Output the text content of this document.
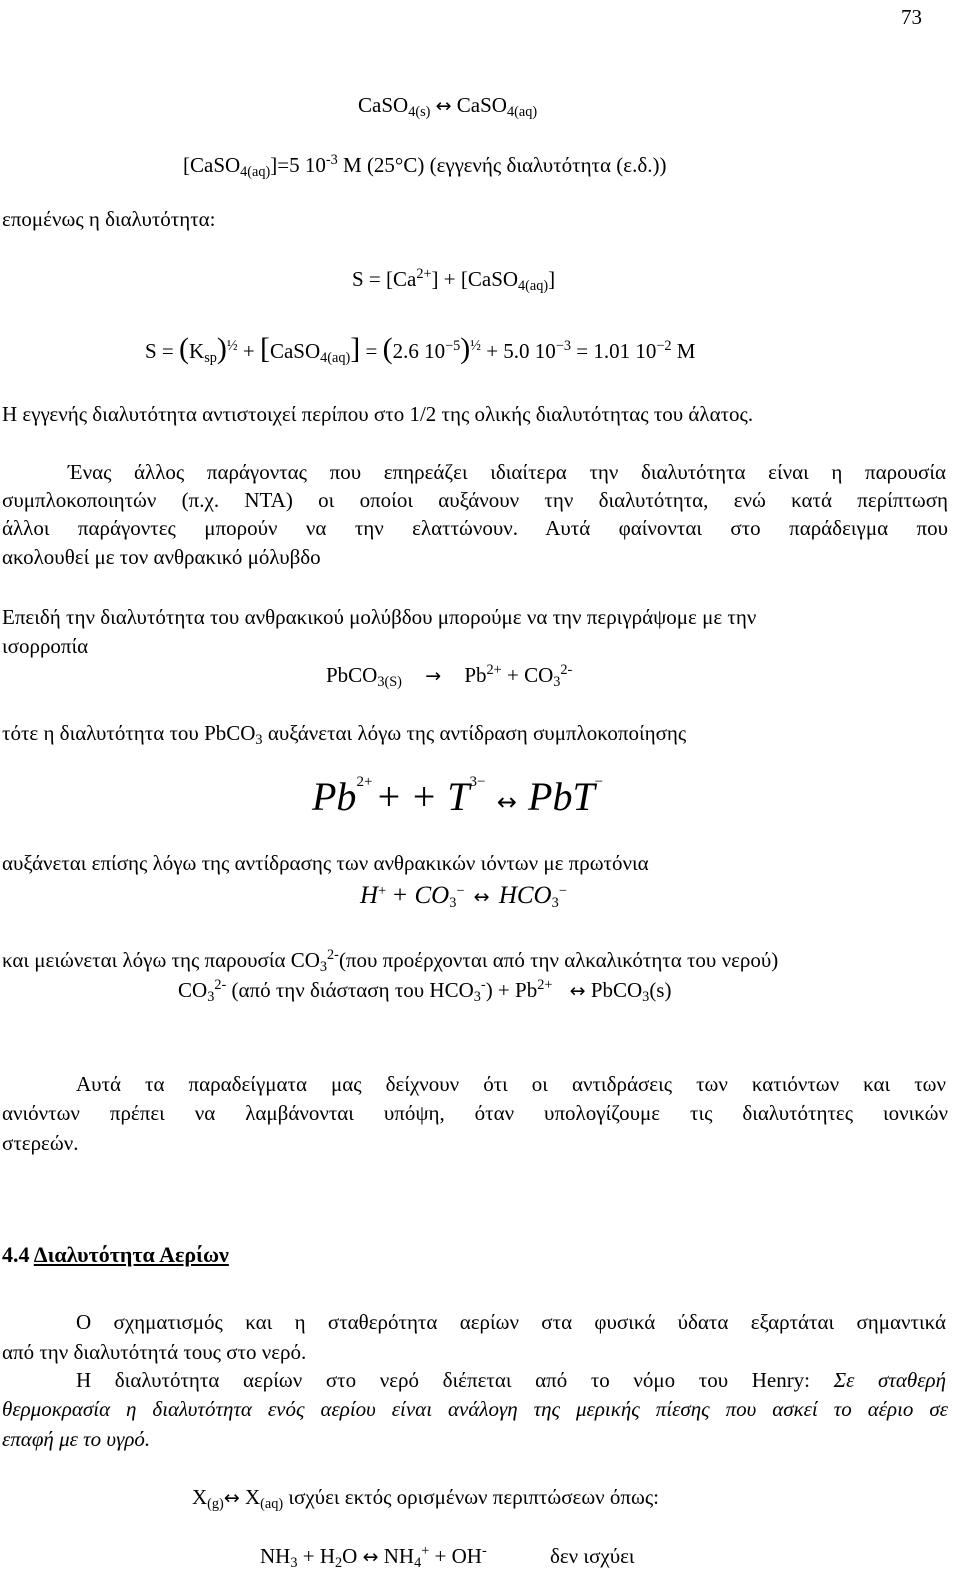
73
CaSO$_{4(s)}$ ↔ CaSO$_{4(aq)}$
[CaSO$_{4(aq)}$]=5 $10^{-3}$ M (25°C) (εγγενής διαλυτότητα (ε.δ.))
επομένως η διαλυτότητα:
$S = [Ca^{2+}]$ + [CaSO$_{4(aq)}$]
$S = (K_{sp})^{\frac{1}{2}}$ + [CaSO$_{4(aq)}$] = (2.6 $10^{-5})^{\frac{1}{2}} + 5.0$ $10^{-3} = 1.01$ $10^{-2}$ M
Η εγγενής διαλυτότητα αντιστοιχεί περίπου στο 1/2 της ολικής διαλυτότητας του άλατος.
Ένας άλλος παράγοντας που επηρεάζει ιδιαίτερα την διαλυτότητα είναι η παρουσία
συμπλοκοποιητών (π.χ. ΝΤΑ) οι οποίοι αυξάνουν την διαλυτότητα, ενώ κατά περίπτωση
άλλοι παράγοντες μπορούν να την ελαττώνουν. Αυτά φαίνονται στο παράδειγμα που
ακολουθεί με τον ανθρακικό μόλυβδο
Επειδή την διαλυτότητα του ανθρακικού μολύβδου μπορούμε να την περιγράψομε με την
ισορροπία
PbCO$_{3(S)}$ → $Pb^{2+} + CO_3^{2-}$
τότε η διαλυτότητα του PbCO$_3$ αυξάνεται λόγω της αντίδραση συμπλοκοποίησης
$Pb^{2+}$ + + $T^{3-}$ ↔ PbT−
αυξάνεται επίσης λόγω της αντίδρασης των ανθρακικών ιόντων με πρωτόνια
$H^+ + CO_3^-$ ↔ $HCO_3^-$
και μειώνεται λόγω της παρουσία $CO_3^{2-}(\pi o\upsilon$ προέρχονται από την αλκαλικότητα του νερού)
$CO_3^{2-}$ (από την διάσταση του $HCO_3^-) + Pb^{2+}$ ↔ PbCO$_3$(s)
Αυτά τα παραδείγματα μας δείχνουν ότι οι αντιδράσεις των κατιόντων και των
ανιόντων πρέπει να λαμβάνονται υπόψη, όταν υπολογίζουμε τις διαλυτότητες ιονικών
στερεών.
4.4 Διαλυτότητα Αερίων
Ο σχηματισμός και η σταθερότητα αερίων στα φυσικά ύδατα εξαρτάται σημαντικά
από την διαλυτότητά τους στο νερό.
Η διαλυτότητα αερίων στο νερό διέπεται από το νόμο του Henry: Σε σταθερή
θερμοκρασία η διαλυτότητα ενός αερίου είναι ανάλογη της μερικής πίεσης που ασκεί το αέριο σε
επαφή με το υγρό.
$X_{(g)}\leftrightarrow$ $X_{(aq)}$ ισχύει εκτός ορισμένων περιπτώσεων όπως:
$NH_3 + H_2O$ ↔ $NH_4^+ + OH^-$	δεν ισχύει
